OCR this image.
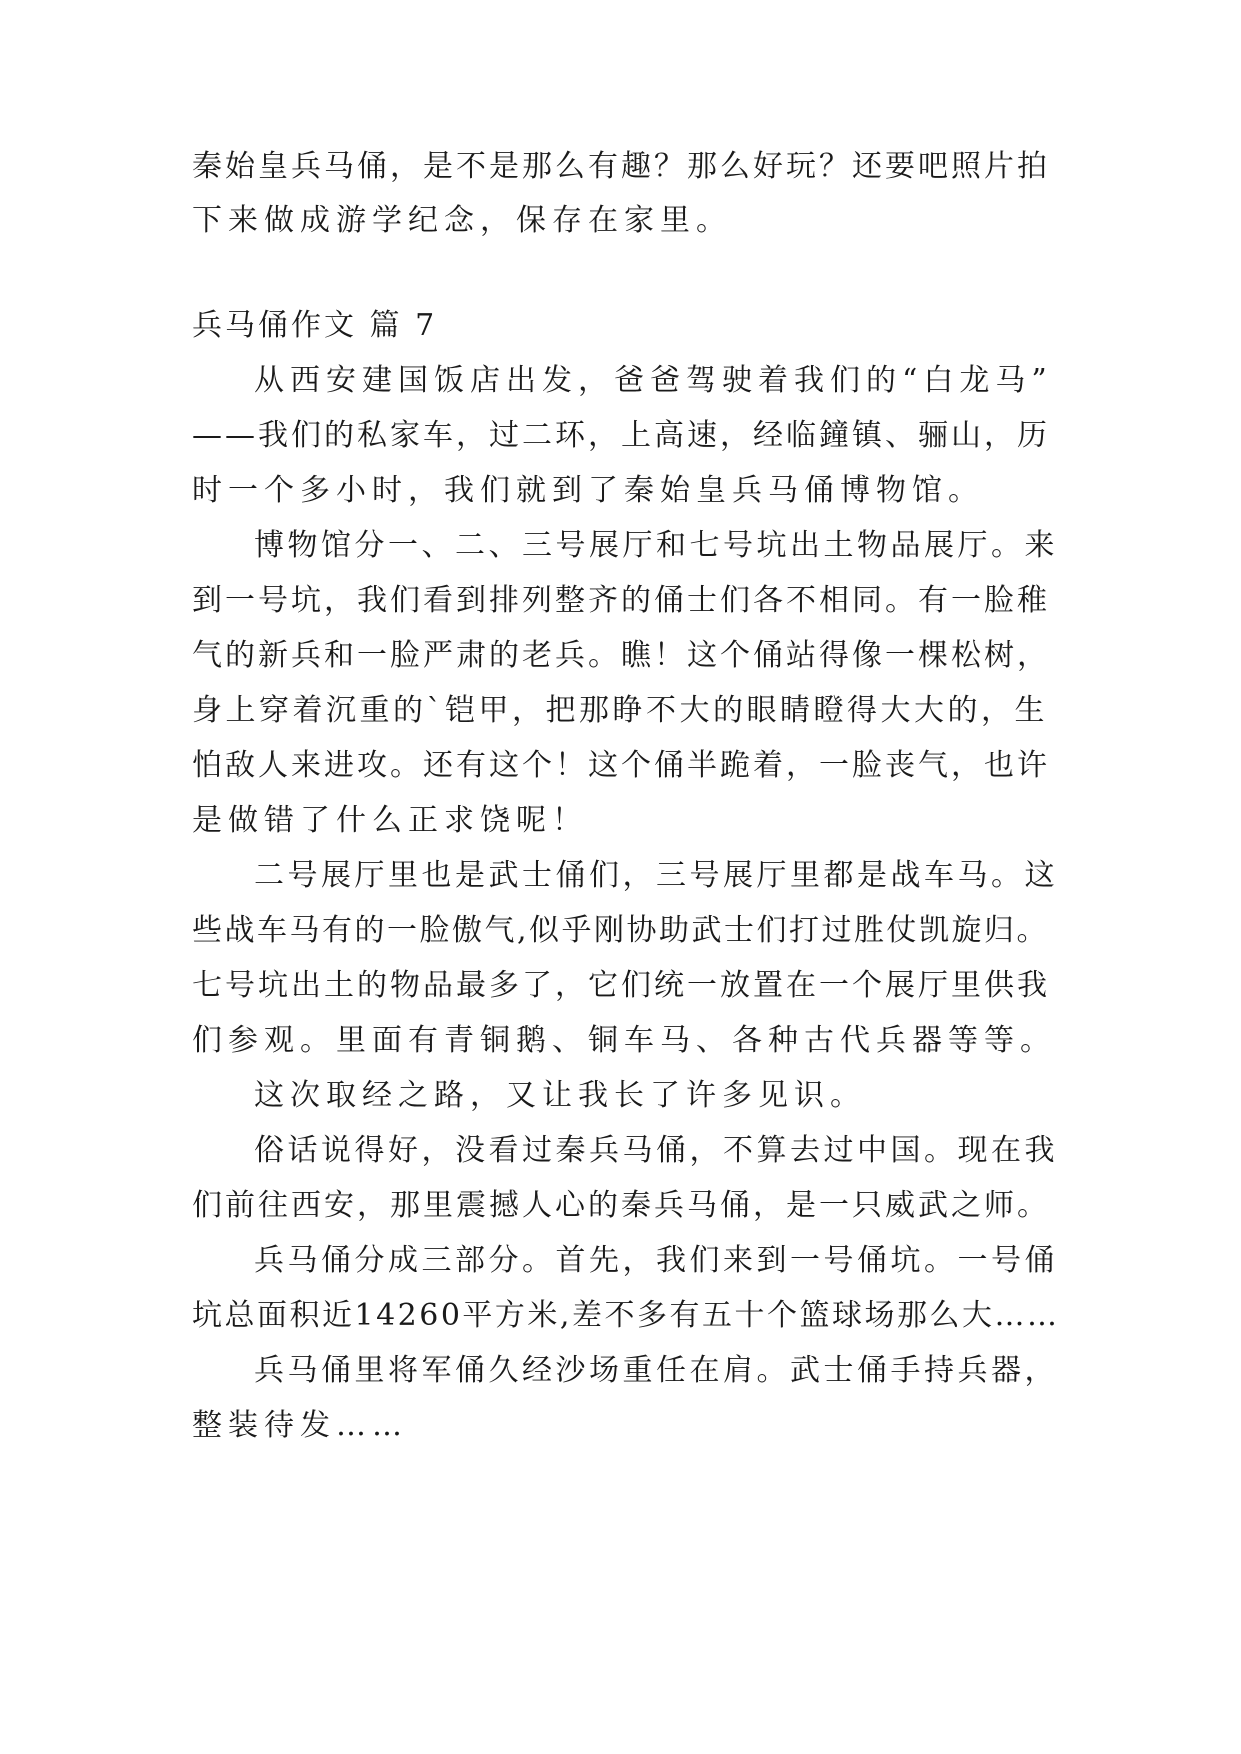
秦始皇兵马俑，是不是那么有趣？那么好玩？还要吧照片拍
下来做成游学纪念，保存在家里。
兵马俑作文 篇 7
从西安建国饭店出发，爸爸驾驶着我们的“白龙马”
——我们的私家车，过二环，上高速，经临鐘镇、骊山，历
时一个多小时，我们就到了秦始皇兵马俑博物馆。
博物馆分一、二、三号展厅和七号坑出土物品展厅。来
到一号坑，我们看到排列整齐的俑士们各不相同。有一脸稚
气的新兵和一脸严肃的老兵。瞧！这个俑站得像一棵松树，
身上穿着沉重的`铠甲，把那睁不大的眼睛瞪得大大的，生
怕敌人来进攻。还有这个！这个俑半跪着，一脸丧气，也许
是做错了什么正求饶呢！
二号展厅里也是武士俑们，三号展厅里都是战车马。这
些战车马有的一脸傲气,似乎刚协助武士们打过胜仗凯旋归。
七号坑出土的物品最多了，它们统一放置在一个展厅里供我
们参观。里面有青铜鹅、铜车马、各种古代兵器等等。
这次取经之路，又让我长了许多见识。
俗话说得好，没看过秦兵马俑，不算去过中国。现在我
们前往西安，那里震撼人心的秦兵马俑，是一只威武之师。
兵马俑分成三部分。首先，我们来到一号俑坑。一号俑
坑总面积近14260平方米,差不多有五十个篮球场那么大……
兵马俑里将军俑久经沙场重任在肩。武士俑手持兵器，
整装待发……
